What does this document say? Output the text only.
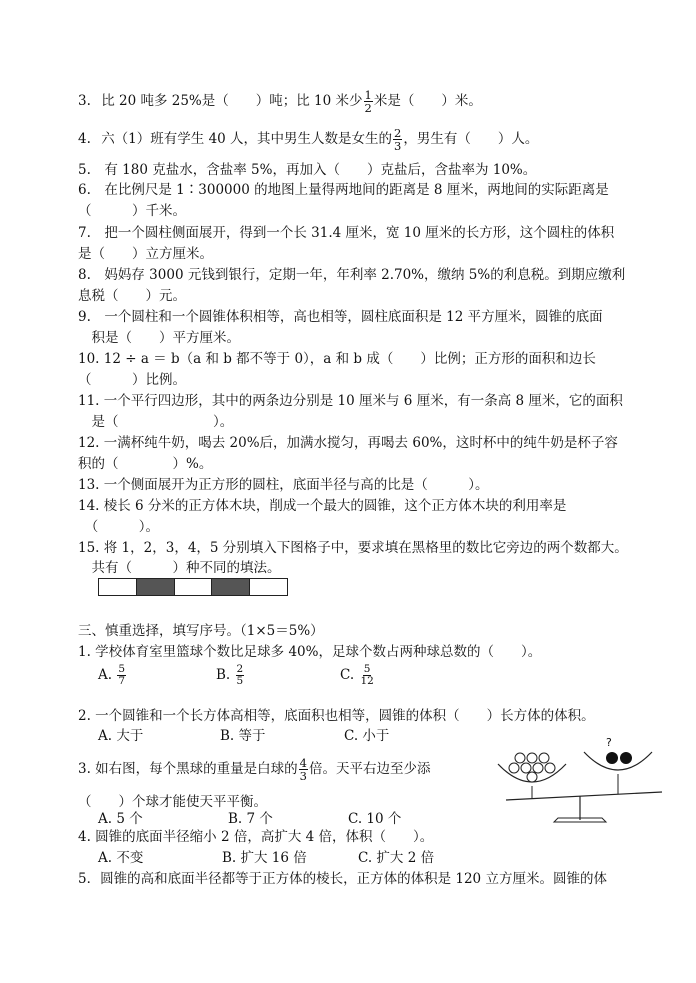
3. 比 20 吨多 25%是（　　）吨；比 10 米少 $\frac{1}{2}$ 米是（　　）米。
4. 六（1）班有学生 40 人，其中男生人数是女生的 $\frac{2}{3}$ ，男生有（　　）人。
5.　有 180 克盐水，含盐率 5%，再加入（　　）克盐后，含盐率为 10%。
6.　在比例尺是 1∶300000 的地图上量得两地间的距离是 8 厘米，两地间的实际距离是
（　　　）千米。
7.　把一个圆柱侧面展开，得到一个长 31.4 厘米，宽 10 厘米的长方形，这个圆柱的体积
是（　　）立方厘米。
8.　妈妈存 3000 元钱到银行，定期一年，年利率 2.70%，缴纳 5%的利息税。到期应缴利
息税（　　）元。
9.　一个圆柱和一个圆锥体积相等，高也相等，圆柱底面积是 12 平方厘米，圆锥的底面
　积是（　　）平方厘米。
10. 12 ÷ a ＝ b（a 和 b 都不等于 0），a 和 b 成（　　）比例；正方形的面积和边长
（　　　）比例。
11. 一个平行四边形，其中的两条边分别是 10 厘米与 6 厘米，有一条高 8 厘米，它的面积
　是（　　　　　　　）。
12. 一满杯纯牛奶，喝去 20%后，加满水搅匀，再喝去 60%，这时杯中的纯牛奶是杯子容
积的（　　　　）%。
13. 一个侧面展开为正方形的圆柱，底面半径与高的比是（　　　）。
14. 棱长 6 分米的正方体木块，削成一个最大的圆锥，这个正方体木块的利用率是
　（　　　）。
15. 将 1，2，3，4，5 分别填入下图格子中，要求填在黑格里的数比它旁边的两个数都大。
　共有（　　　）种不同的填法。
三、慎重选择，填写序号。（1×5＝5%）
1. 学校体育室里篮球个数比足球多 40%，足球个数占两种球总数的（　　）。
A. $\frac{5}{7}$	B. $\frac{2}{5}$	C. $\frac{5}{12}$
2. 一个圆锥和一个长方体高相等，底面积也相等，圆锥的体积（　　）长方体的体积。
A. 大于	B. 等于	C. 小于
3. 如右图，每个黑球的重量是白球的 $\frac{4}{3}$ 倍。天平右边至少添
（　　）个球才能使天平平衡。
A. 5 个	B. 7 个	C. 10 个
?
4. 圆锥的底面半径缩小 2 倍，高扩大 4 倍，体积（　　）。
A. 不变	B. 扩大 16 倍	C. 扩大 2 倍
5．圆锥的高和底面半径都等于正方体的棱长，正方体的体积是 120 立方厘米。圆锥的体
